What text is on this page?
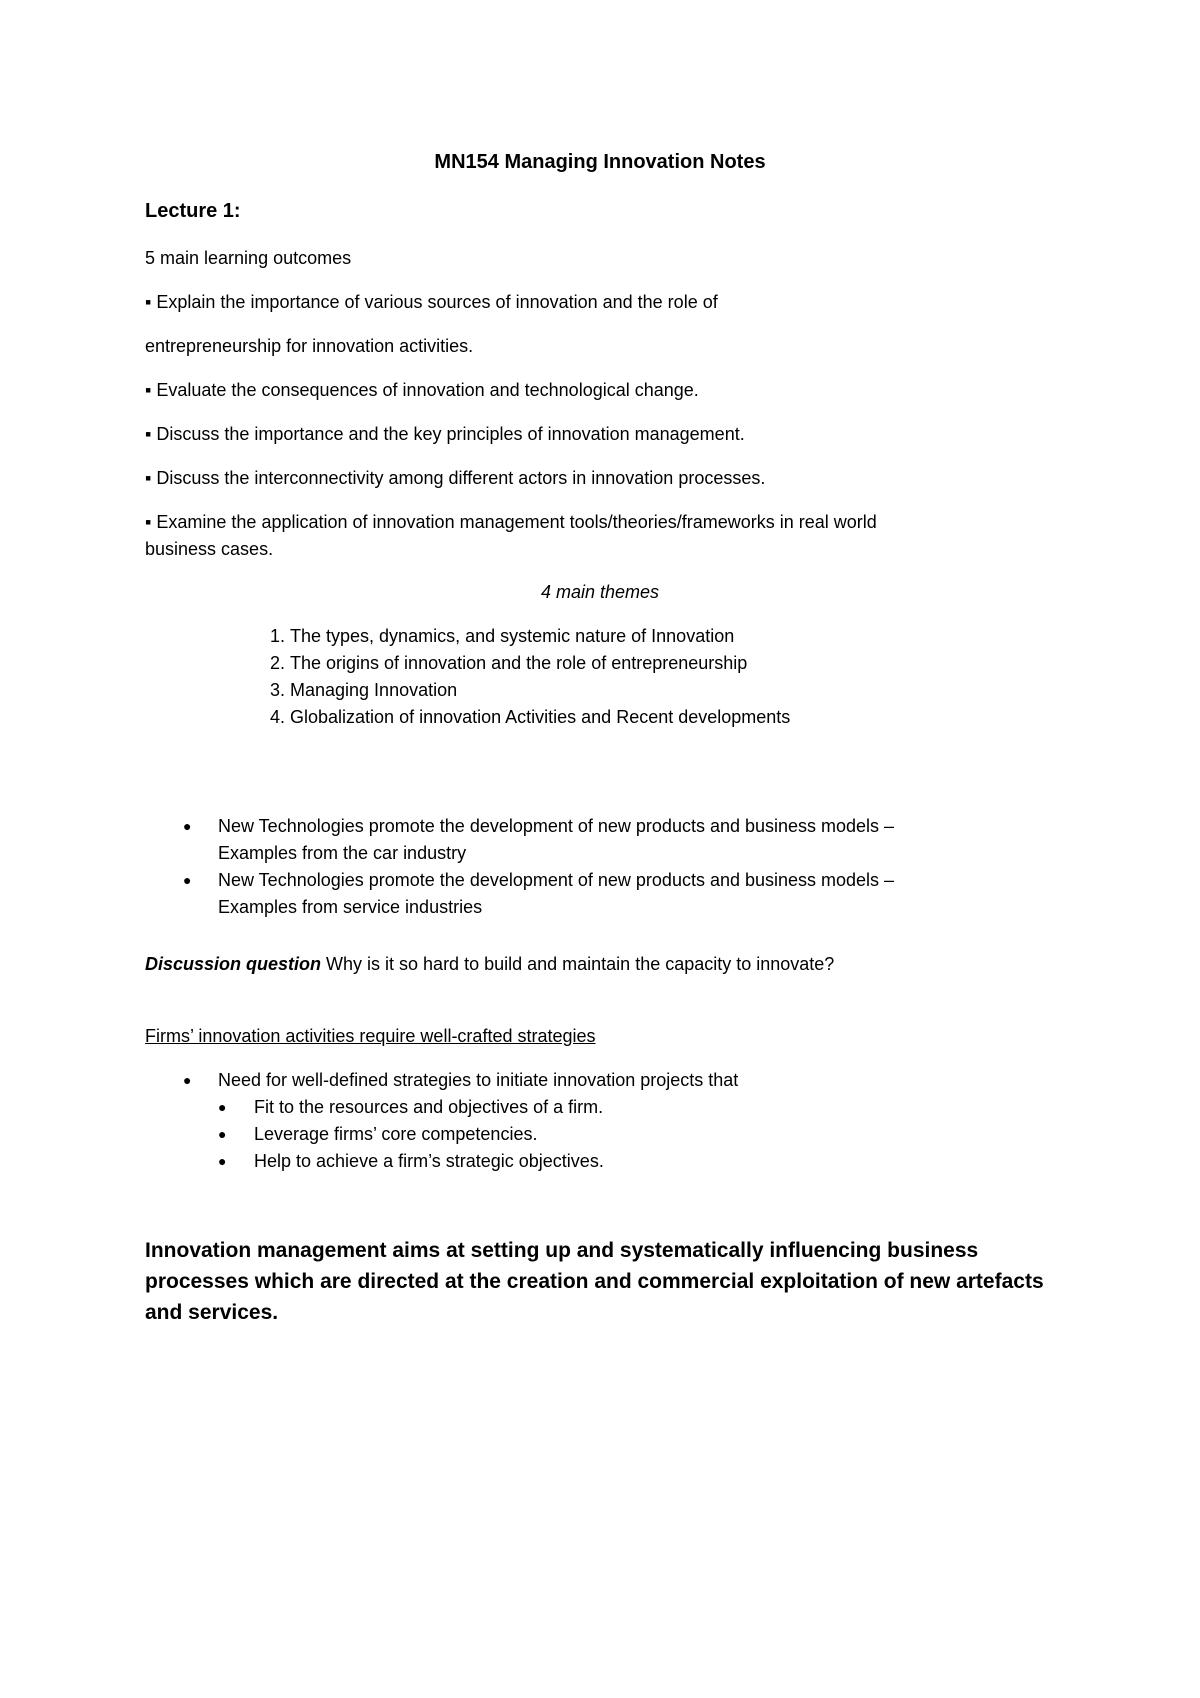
MN154 Managing Innovation Notes
Lecture 1:
5 main learning outcomes
▪ Explain the importance of various sources of innovation and the role of
entrepreneurship for innovation activities.
▪ Evaluate the consequences of innovation and technological change.
▪ Discuss the importance and the key principles of innovation management.
▪ Discuss the interconnectivity among different actors in innovation processes.
▪ Examine the application of innovation management tools/theories/frameworks in real world
business cases.
4 main themes
1. The types, dynamics, and systemic nature of Innovation
2. The origins of innovation and the role of entrepreneurship
3. Managing Innovation
4. Globalization of innovation Activities and Recent developments
● New Technologies promote the development of new products and business models –
Examples from the car industry
● New Technologies promote the development of new products and business models –
Examples from service industries
Discussion question Why is it so hard to build and maintain the capacity to innovate?
Firms’ innovation activities require well-crafted strategies
● Need for well-defined strategies to initiate innovation projects that
● Fit to the resources and objectives of a firm.
● Leverage firms’ core competencies.
● Help to achieve a firm’s strategic objectives.
Innovation management aims at setting up and systematically influencing business
processes which are directed at the creation and commercial exploitation of new artefacts
and services.
